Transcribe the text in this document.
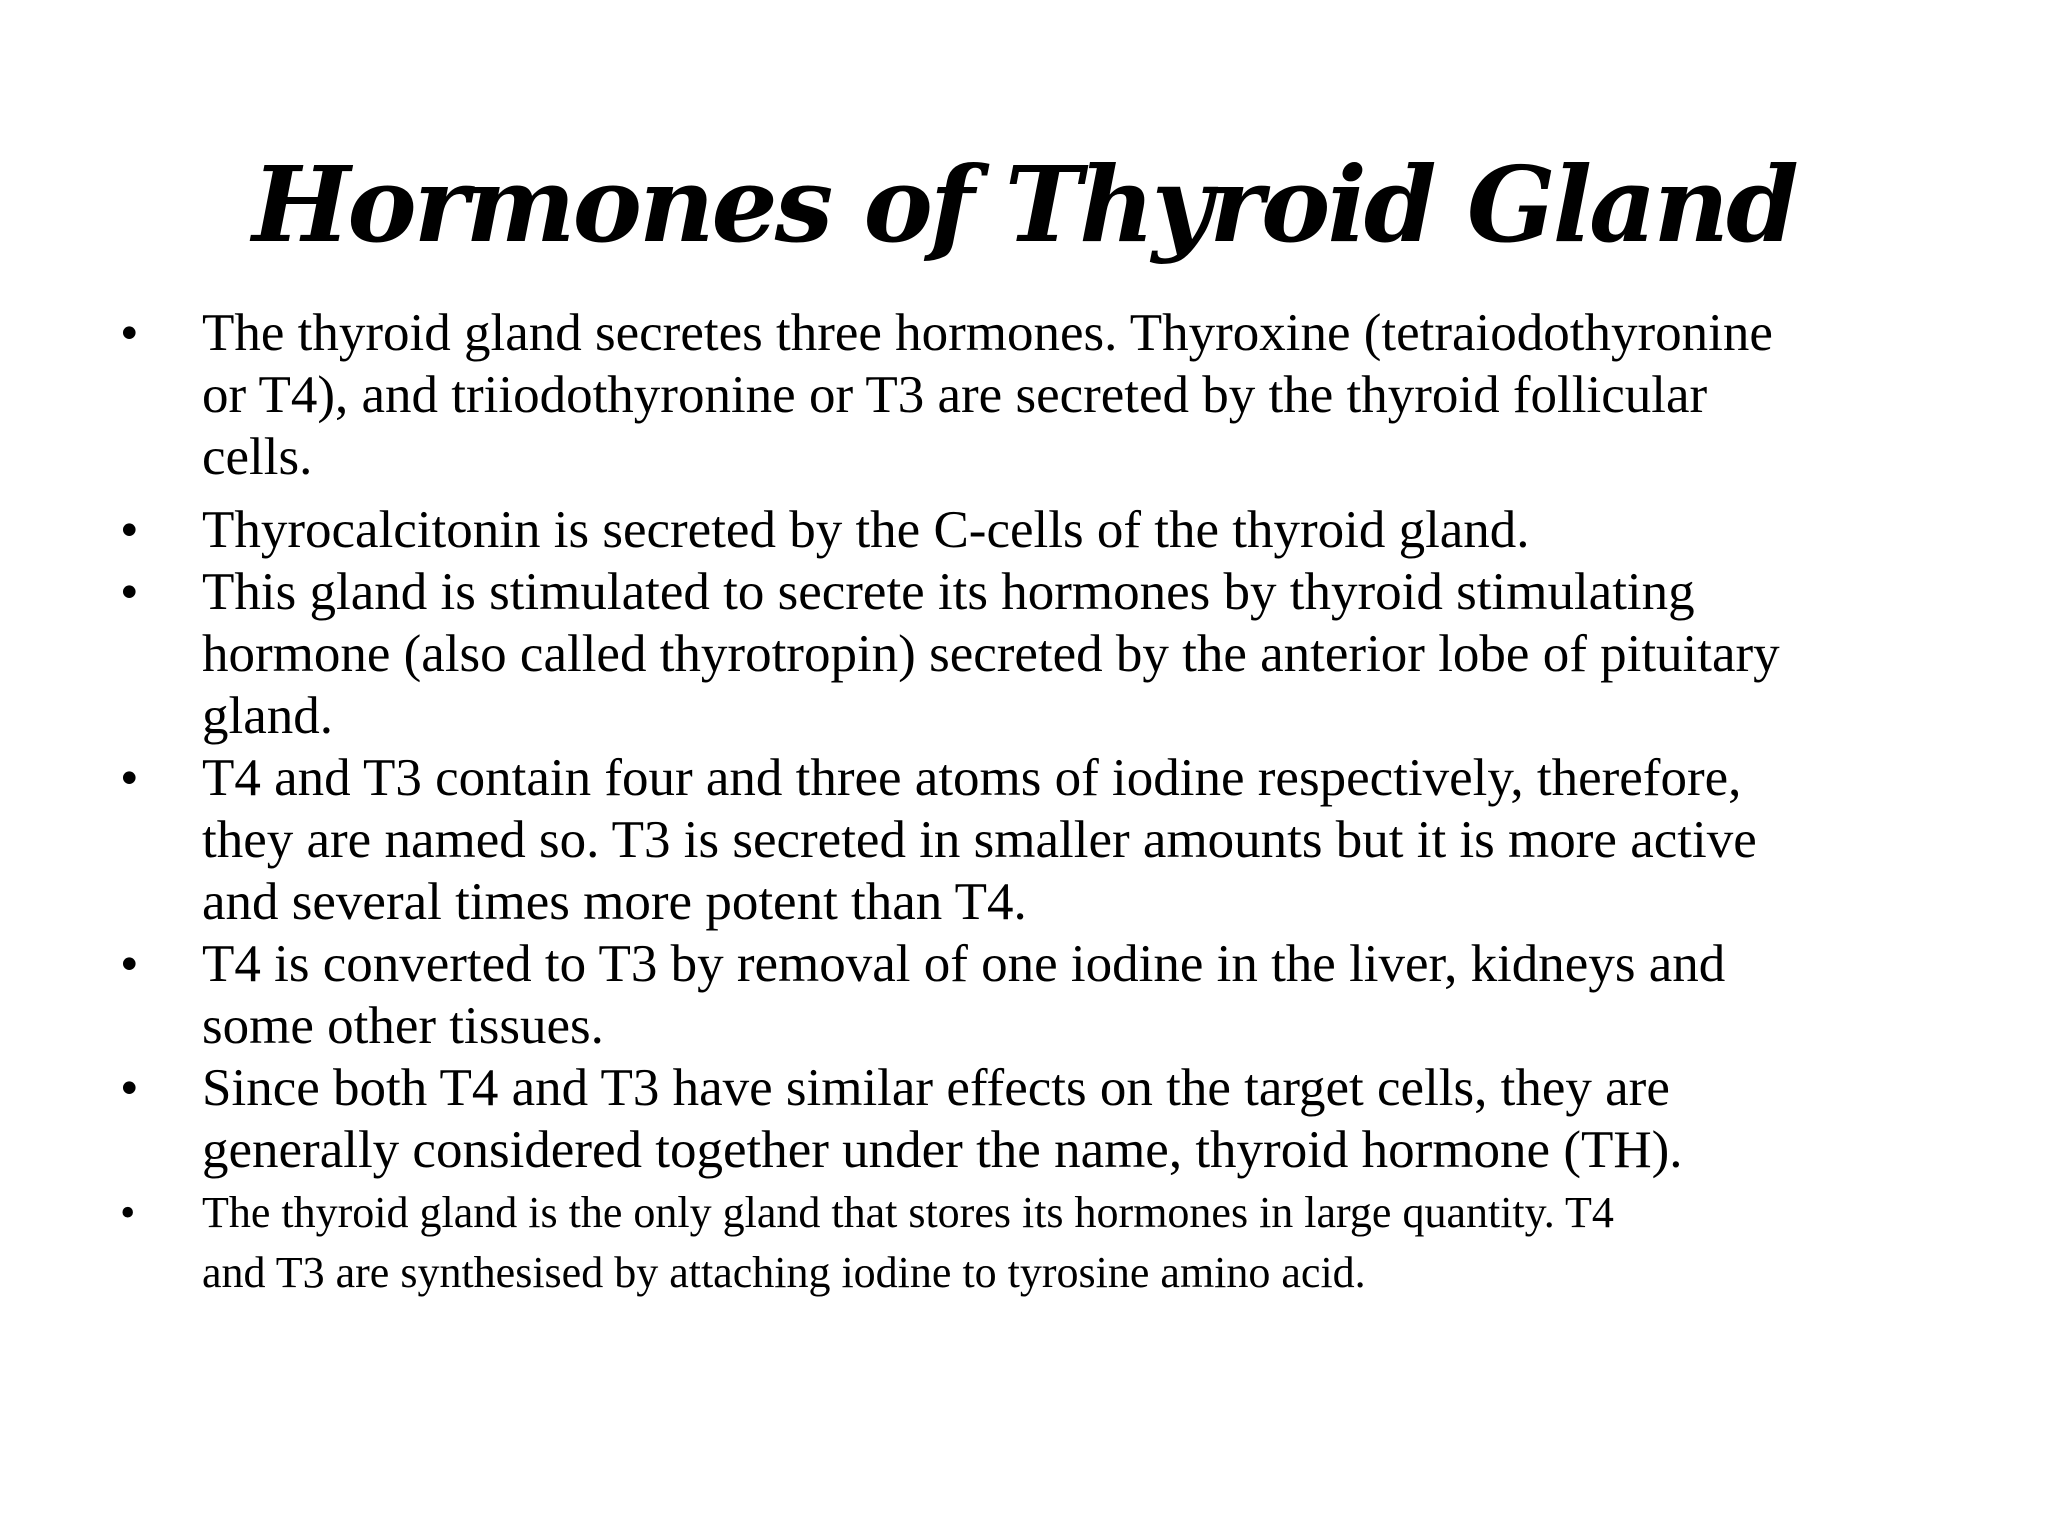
Hormones of Thyroid Gland
•	The thyroid gland secretes three hormones. Thyroxine (tetraiodothyronine
or T4), and triiodothyronine or T3 are secreted by the thyroid follicular
cells.
•	Thyrocalcitonin is secreted by the C-cells of the thyroid gland.
•	This gland is stimulated to secrete its hormones by thyroid stimulating
hormone (also called thyrotropin) secreted by the anterior lobe of pituitary
gland.
•	T4 and T3 contain four and three atoms of iodine respectively, therefore,
they are named so. T3 is secreted in smaller amounts but it is more active
and several times more potent than T4.
•	T4 is converted to T3 by removal of one iodine in the liver, kidneys and
some other tissues.
•	Since both T4 and T3 have similar effects on the target cells, they are
generally considered together under the name, thyroid hormone (TH).
•	The thyroid gland is the only gland that stores its hormones in large quantity. T4
and T3 are synthesised by attaching iodine to tyrosine amino acid.
